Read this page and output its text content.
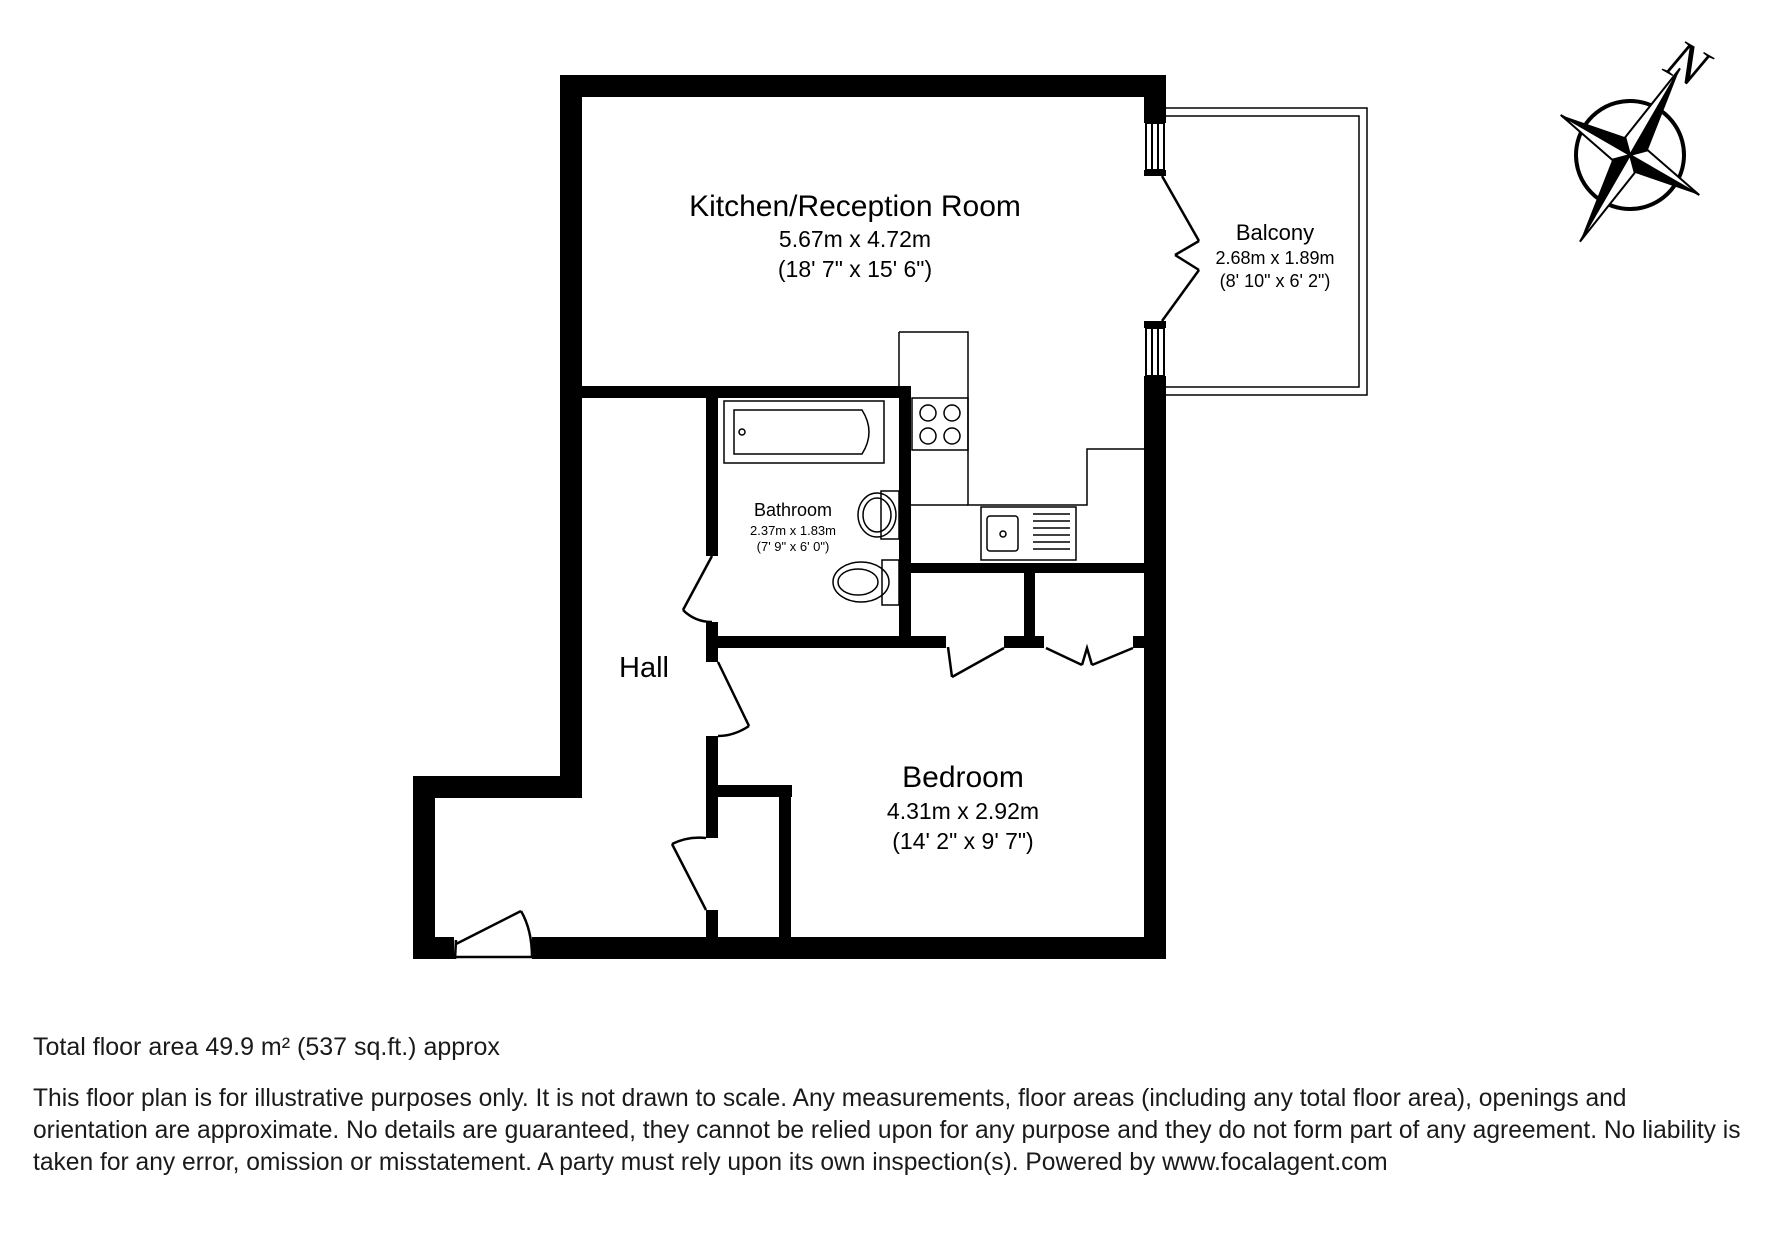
N
Kitchen/Reception Room
5.67m x 4.72m
(18' 7" x 15' 6")
Balcony
2.68m x 1.89m
(8' 10" x 6' 2")
Bathroom
2.37m x 1.83m
(7' 9" x 6' 0")
Hall
Bedroom
4.31m x 2.92m
(14' 2" x 9' 7")
Total floor area 49.9 m² (537 sq.ft.) approx
This floor plan is for illustrative purposes only. It is not drawn to scale. Any measurements, floor areas (including any total floor area), openings and orientation are approximate. No details are guaranteed, they cannot be relied upon for any purpose and they do not form part of any agreement. No liability is taken for any error, omission or misstatement. A party must rely upon its own inspection(s). Powered by www.focalagent.com
